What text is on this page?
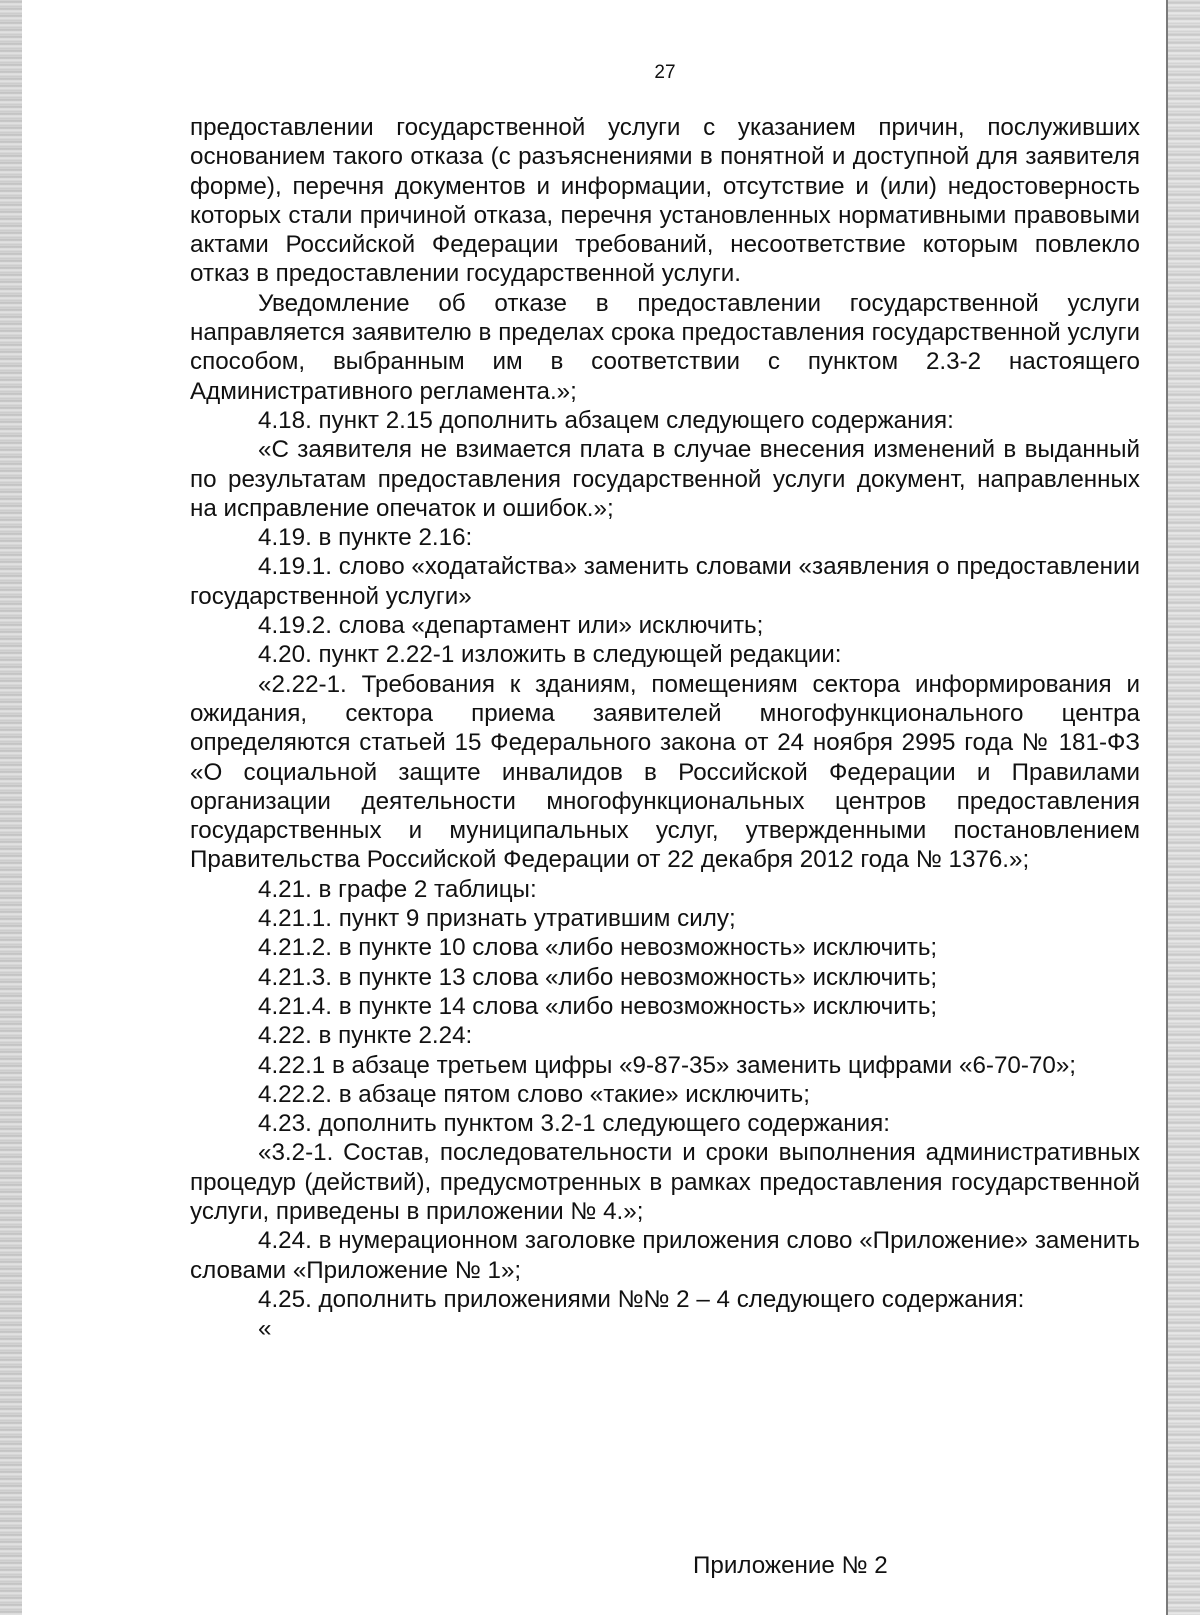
27

предоставлении государственной услуги с указанием причин, послуживших основанием такого отказа (с разъяснениями в понятной и доступной для заявителя форме), перечня документов и информации, отсутствие и (или) недостоверность которых стали причиной отказа, перечня установленных нормативными правовыми актами Российской Федерации требований, несоответствие которым повлекло отказ в предоставлении государственной услуги.

Уведомление об отказе в предоставлении государственной услуги направляется заявителю в пределах срока предоставления государственной услуги способом, выбранным им в соответствии с пунктом 2.3-2 настоящего Административного регламента.»;

4.18. пункт 2.15 дополнить абзацем следующего содержания:

«С заявителя не взимается плата в случае внесения изменений в выданный по результатам предоставления государственной услуги документ, направленных на исправление опечаток и ошибок.»;

4.19. в пункте 2.16:

4.19.1. слово «ходатайства» заменить словами «заявления о предоставлении государственной услуги»

4.19.2. слова «департамент или» исключить;

4.20. пункт 2.22-1 изложить в следующей редакции:

«2.22-1. Требования к зданиям, помещениям сектора информирования и ожидания, сектора приема заявителей многофункционального центра определяются статьей 15 Федерального закона от 24 ноября 2995 года № 181-ФЗ «О социальной защите инвалидов в Российской Федерации и Правилами организации деятельности многофункциональных центров предоставления государственных и муниципальных услуг, утвержденными постановлением Правительства Российской Федерации от 22 декабря 2012 года № 1376.»;

4.21. в графе 2 таблицы:

4.21.1. пункт 9 признать утратившим силу;

4.21.2. в пункте 10 слова «либо невозможность» исключить;

4.21.3. в пункте 13 слова «либо невозможность» исключить;

4.21.4. в пункте 14 слова «либо невозможность» исключить;

4.22. в пункте 2.24:

4.22.1 в абзаце третьем цифры «9-87-35» заменить цифрами «6-70-70»;

4.22.2. в абзаце пятом слово «такие» исключить;

4.23. дополнить пунктом 3.2-1 следующего содержания:

«3.2-1. Состав, последовательности и сроки выполнения административных процедур (действий), предусмотренных в рамках предоставления государственной услуги, приведены в приложении № 4.»;

4.24. в нумерационном заголовке приложения слово «Приложение» заменить словами «Приложение № 1»;

4.25. дополнить приложениями №№ 2 – 4 следующего содержания:

«

Приложение № 2
